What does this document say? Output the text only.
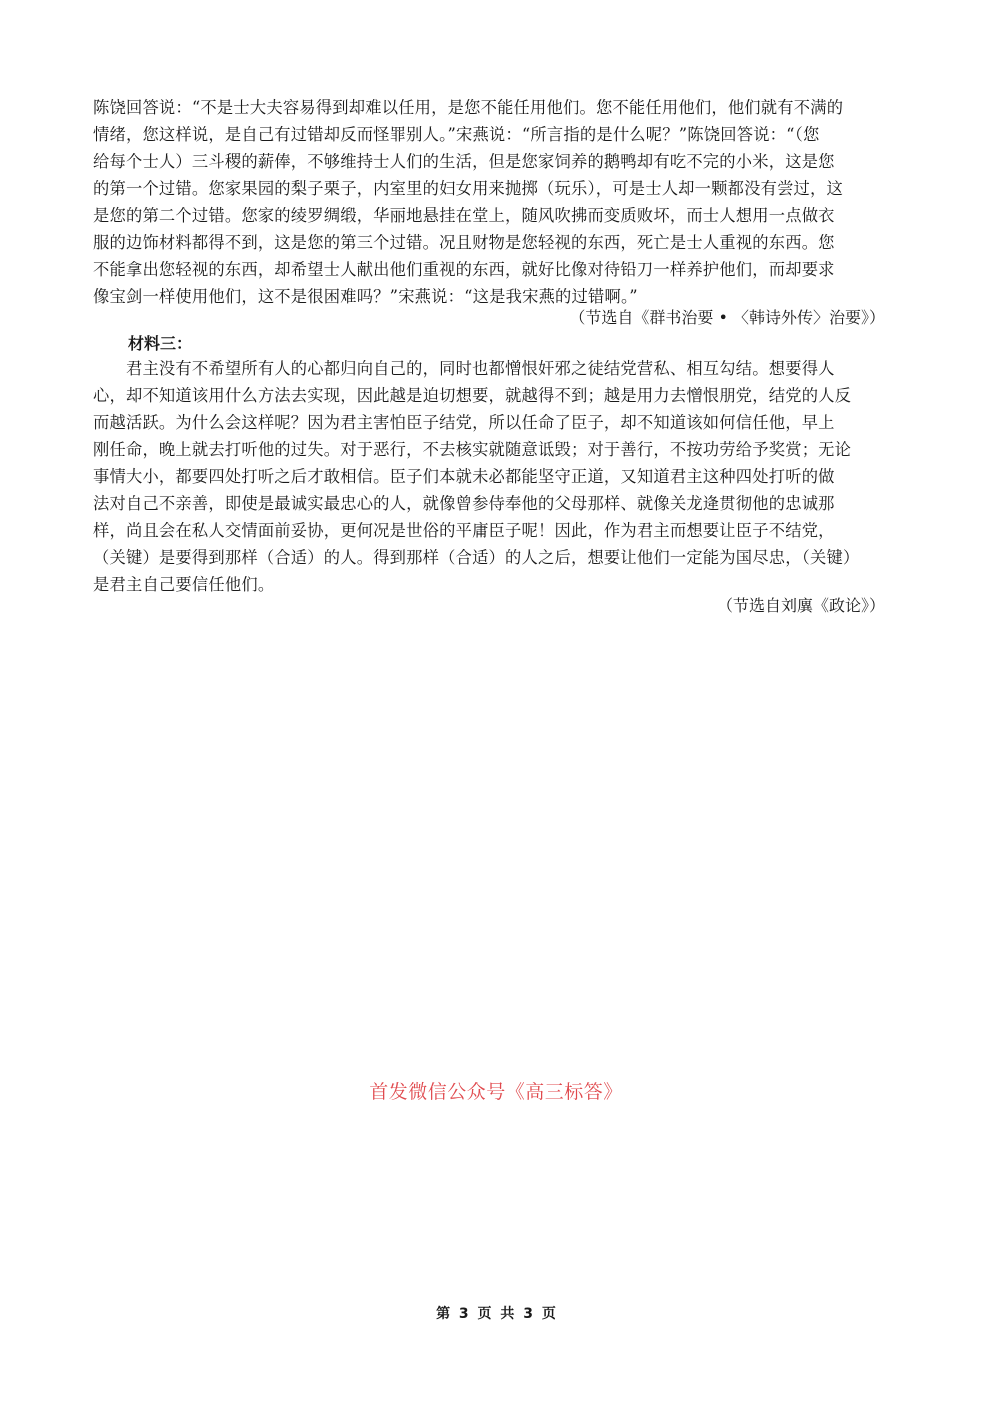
陈饶回答说：“不是士大夫容易得到却难以任用，是您不能任用他们。您不能任用他们，他们就有不满的
情绪，您这样说，是自己有过错却反而怪罪别人。”宋燕说：“所言指的是什么呢？”陈饶回答说：“（您
给每个士人）三斗稷的薪俸，不够维持士人们的生活，但是您家饲养的鹅鸭却有吃不完的小米，这是您
的第一个过错。您家果园的梨子栗子，内室里的妇女用来抛掷（玩乐），可是士人却一颗都没有尝过，这
是您的第二个过错。您家的绫罗绸缎，华丽地悬挂在堂上，随风吹拂而变质败坏，而士人想用一点做衣
服的边饰材料都得不到，这是您的第三个过错。况且财物是您轻视的东西，死亡是士人重视的东西。您
不能拿出您轻视的东西，却希望士人献出他们重视的东西，就好比像对待铅刀一样养护他们，而却要求
像宝剑一样使用他们，这不是很困难吗？”宋燕说：“这是我宋燕的过错啊。”
（节选自《群书治要 • 〈韩诗外传〉治要》）
材料三：
　　君主没有不希望所有人的心都归向自己的，同时也都憎恨奸邪之徒结党营私、相互勾结。想要得人
心，却不知道该用什么方法去实现，因此越是迫切想要，就越得不到；越是用力去憎恨朋党，结党的人反
而越活跃。为什么会这样呢？因为君主害怕臣子结党，所以任命了臣子，却不知道该如何信任他，早上
刚任命，晚上就去打听他的过失。对于恶行，不去核实就随意诋毁；对于善行，不按功劳给予奖赏；无论
事情大小，都要四处打听之后才敢相信。臣子们本就未必都能坚守正道，又知道君主这种四处打听的做
法对自己不亲善，即使是最诚实最忠心的人，就像曾参侍奉他的父母那样、就像关龙逄贯彻他的忠诚那
样，尚且会在私人交情面前妥协，更何况是世俗的平庸臣子呢！因此，作为君主而想要让臣子不结党，
（关键）是要得到那样（合适）的人。得到那样（合适）的人之后，想要让他们一定能为国尽忠，（关键）
是君主自己要信任他们。
（节选自刘廙《政论》）
首发微信公众号《高三标答》
第 3 页 共 3 页
